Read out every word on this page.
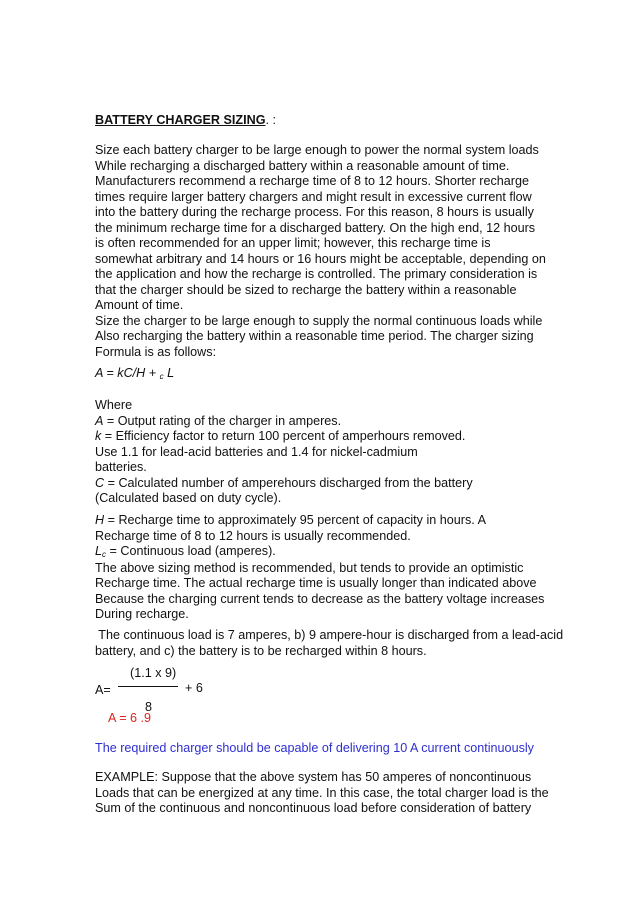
BATTERY CHARGER SIZING. :
Size each battery charger to be large enough to power the normal system loads
While recharging a discharged battery within a reasonable amount of time.
Manufacturers recommend a recharge time of 8 to 12 hours. Shorter recharge
times require larger battery chargers and might result in excessive current flow
into the battery during the recharge process. For this reason, 8 hours is usually
the minimum recharge time for a discharged battery. On the high end, 12 hours
is often recommended for an upper limit; however, this recharge time is
somewhat arbitrary and 14 hours or 16 hours might be acceptable, depending on
the application and how the recharge is controlled. The primary consideration is
that the charger should be sized to recharge the battery within a reasonable
Amount of time.
Size the charger to be large enough to supply the normal continuous loads while
Also recharging the battery within a reasonable time period. The charger sizing
Formula is as follows:
A = kC/H + c L
Where
A = Output rating of the charger in amperes.
k = Efficiency factor to return 100 percent of amperhours removed.
Use 1.1 for lead-acid batteries and 1.4 for nickel-cadmium
batteries.
C = Calculated number of amperehours discharged from the battery
(Calculated based on duty cycle).
H = Recharge time to approximately 95 percent of capacity in hours. A
Recharge time of 8 to 12 hours is usually recommended.
Lc = Continuous load (amperes).
The above sizing method is recommended, but tends to provide an optimistic
Recharge time. The actual recharge time is usually longer than indicated above
Because the charging current tends to decrease as the battery voltage increases
During recharge.
The continuous load is 7 amperes, b) 9 ampere-hour is discharged from a lead-acid
battery, and c) the battery is to be recharged within 8 hours.
(1.1 x 9)
A=	+ 6
8
A = 6 .9
The required charger should be capable of delivering 10 A current continuously
EXAMPLE: Suppose that the above system has 50 amperes of noncontinuous
Loads that can be energized at any time. In this case, the total charger load is the
Sum of the continuous and noncontinuous load before consideration of battery
